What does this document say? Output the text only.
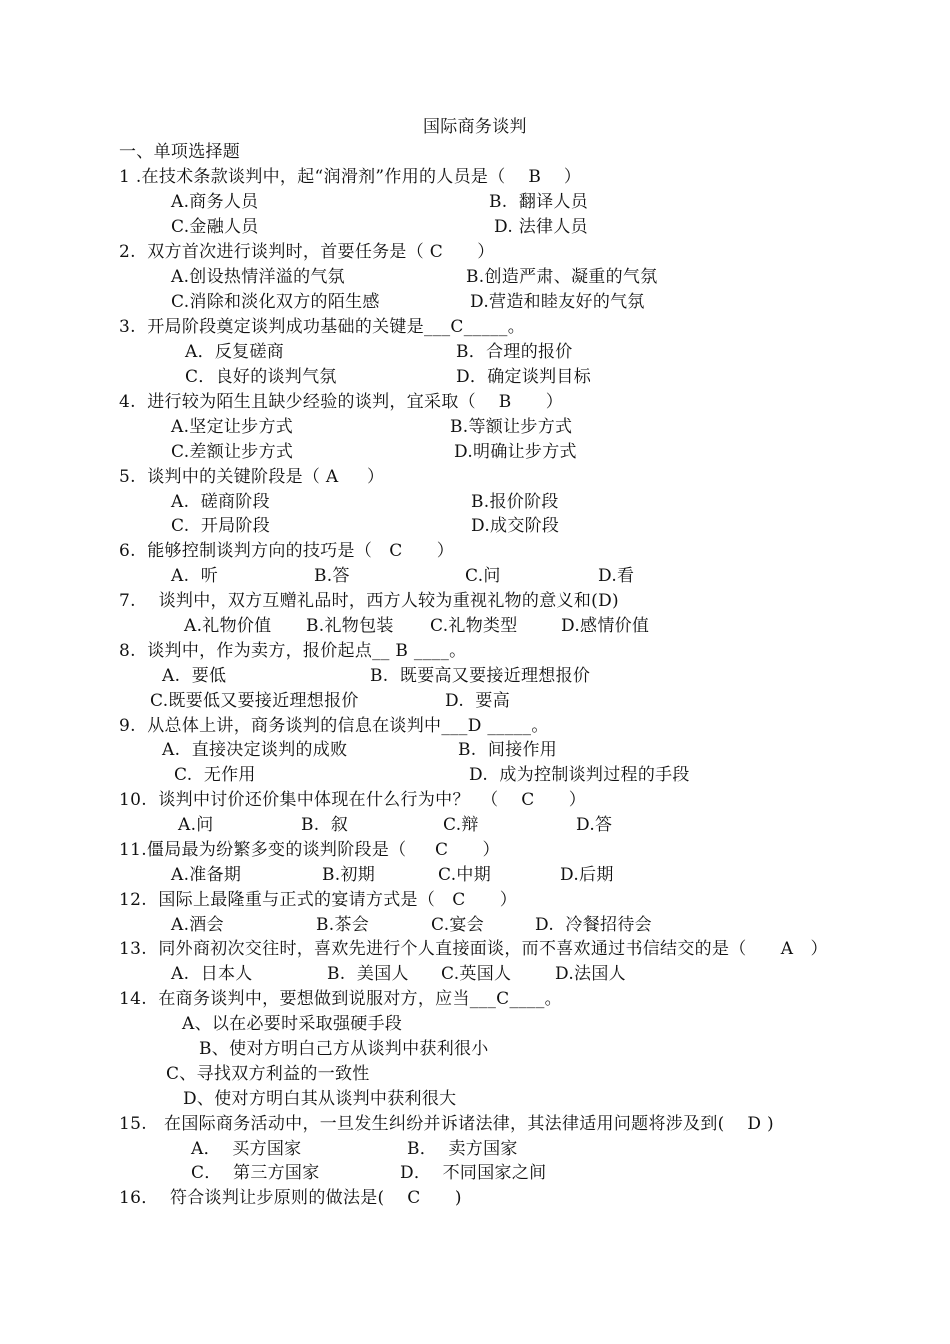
国际商务谈判
一、单项选择题
1 .在技术条款谈判中，起“润滑剂”作用的人员是（    B    ）
A.商务人员	B.  翻译人员
C.金融人员	D. 法律人员
2.  双方首次进行谈判时，首要任务是（ C      ）
A.创设热情洋溢的气氛	B.创造严肃、凝重的气氛
C.消除和淡化双方的陌生感	D.营造和睦友好的气氛
3.  开局阶段奠定谈判成功基础的关键是___C_____。
A．反复磋商	B．合理的报价
C．良好的谈判气氛	D．确定谈判目标
4.  进行较为陌生且缺少经验的谈判，宜采取（    B      ）
A.坚定让步方式	B.等额让步方式
C.差额让步方式	D.明确让步方式
5.  谈判中的关键阶段是（ A     ）
A.  磋商阶段	B.报价阶段
C.  开局阶段	D.成交阶段
6.  能够控制谈判方向的技巧是（   C      ）
A.  听	B.答	C.问	D.看
7.    谈判中，双方互赠礼品时，西方人较为重视礼物的意义和(D)
A.礼物价值 B.礼物包装 C.礼物类型	D.感情价值
8.  谈判中，作为卖方，报价起点__ B ____。
A.  要低	B.  既要高又要接近理想报价
C.既要低又要接近理想报价	D.  要高
9.  从总体上讲，商务谈判的信息在谈判中___D _____。
A.  直接决定谈判的成败	B.  间接作用
C.  无作用	D.  成为控制谈判过程的手段
10.  谈判中讨价还价集中体现在什么行为中？  （    C      ）
A.问	B.  叙	C.辩	D.答
11.僵局最为纷繁多变的谈判阶段是（     C      ）
A.准备期	B.初期	C.中期	D.后期
12.  国际上最隆重与正式的宴请方式是（   C      ）
A.酒会	B.茶会	C.宴会	D.  冷餐招待会
13.  同外商初次交往时，喜欢先进行个人直接面谈，而不喜欢通过书信结交的是（      A   ）
A.  日本人	B.  美国人 C.英国人	D.法国人
14.  在商务谈判中，要想做到说服对方，应当___C____。
A、以在必要时采取强硬手段
B、使对方明白己方从谈判中获利很小
C、寻找双方利益的一致性
D、使对方明白其从谈判中获利很大
15.   在国际商务活动中，一旦发生纠纷并诉诸法律，其法律适用问题将涉及到(    D )
A．  买方国家	B．  卖方国家
C．  第三方国家	D．  不同国家之间
16．  符合谈判让步原则的做法是(    C      )
